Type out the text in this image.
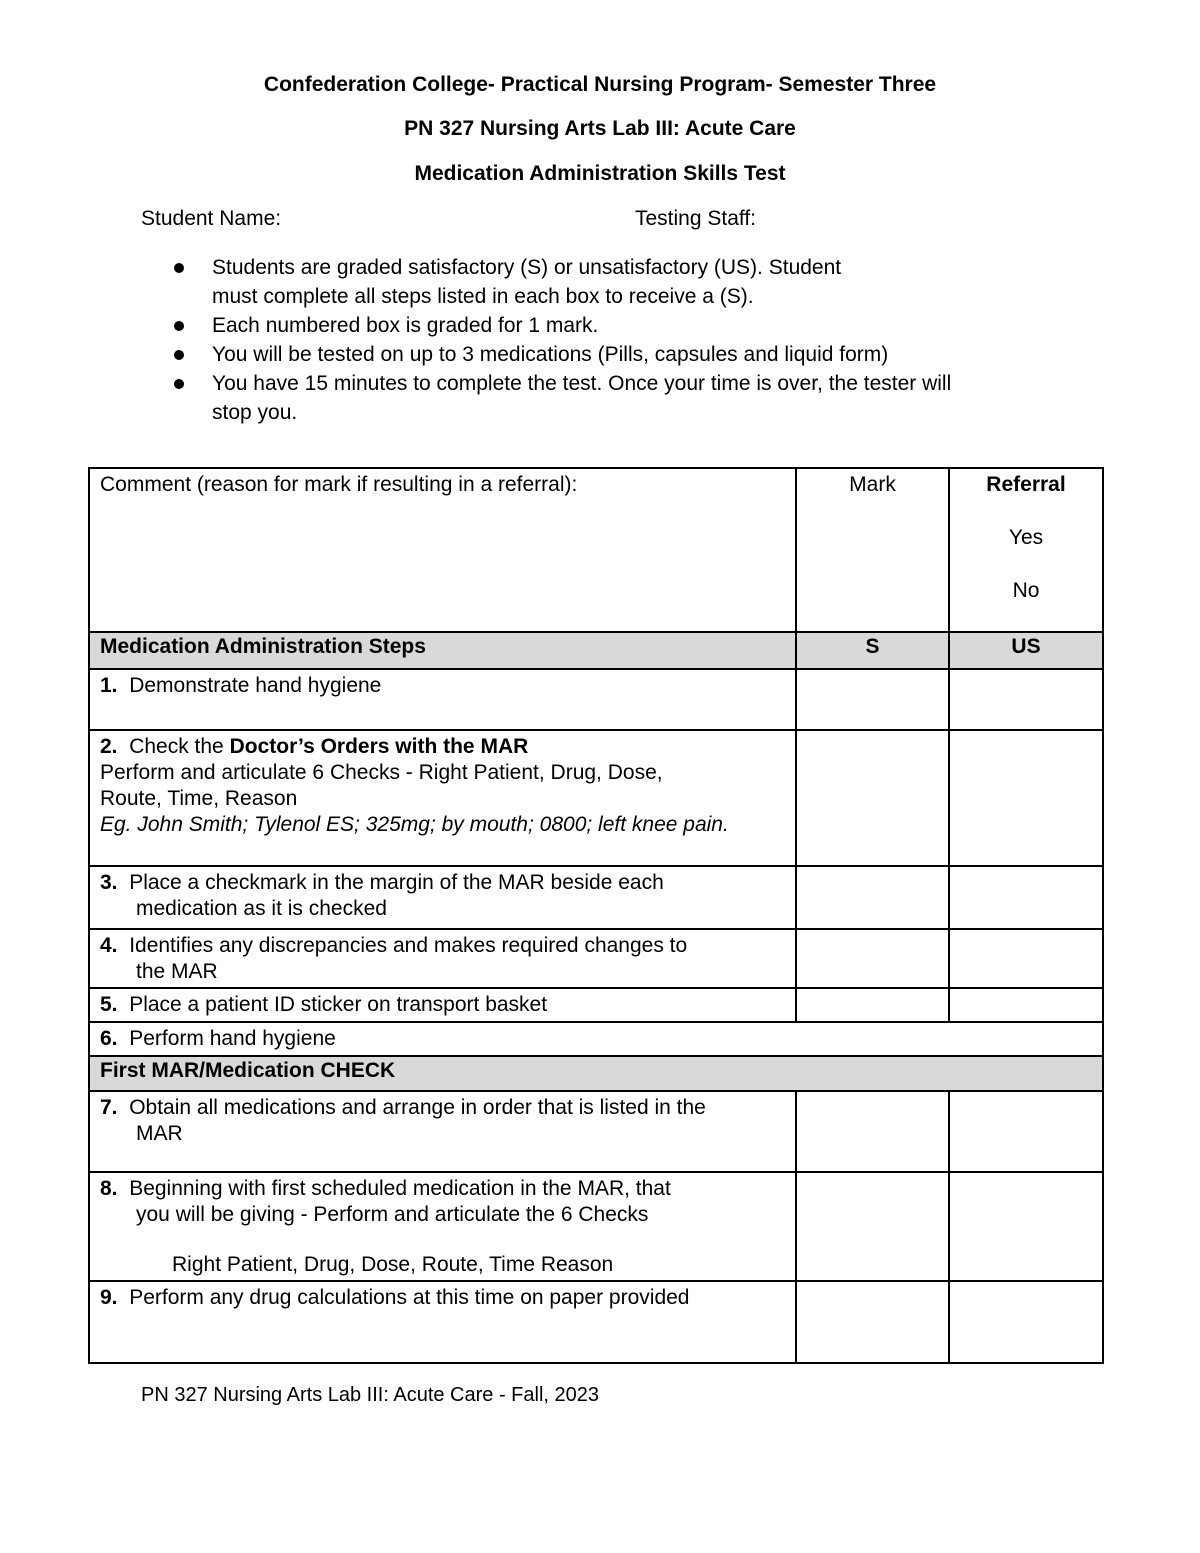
Confederation College- Practical Nursing Program- Semester Three
PN 327 Nursing Arts Lab III: Acute Care
Medication Administration Skills Test
Student Name:	Testing Staff:
Students are graded satisfactory (S) or unsatisfactory (US). Student
must complete all steps listed in each box to receive a (S).
Each numbered box is graded for 1 mark.
You will be tested on up to 3 medications (Pills, capsules and liquid form)
You have 15 minutes to complete the test. Once your time is over, the tester will
stop you.
Comment (reason for mark if resulting in a referral):	Mark	Referral
Yes
No

Medication Administration Steps	S	US
1. Demonstrate hand hygiene		
2. Check the Doctor’s Orders with the MAR
Perform and articulate 6 Checks - Right Patient, Drug, Dose,
Route, Time, Reason
Eg. John Smith; Tylenol ES; 325mg; by mouth; 0800; left knee pain.		
3. Place a checkmark in the margin of the MAR beside each
medication as it is checked		

4. Identifies any discrepancies and makes required changes to
the MAR		

5. Place a patient ID sticker on transport basket		
6. Perform hand hygiene		
First MAR/Medication CHECK		
7. Obtain all medications and arrange in order that is listed in the
MAR		

8. Beginning with first scheduled medication in the MAR, that
you will be giving - Perform and articulate the 6 Checks
Right Patient, Drug, Dose, Route, Time Reason		

9. Perform any drug calculations at this time on paper provided		
PN 327 Nursing Arts Lab III: Acute Care - Fall, 2023
